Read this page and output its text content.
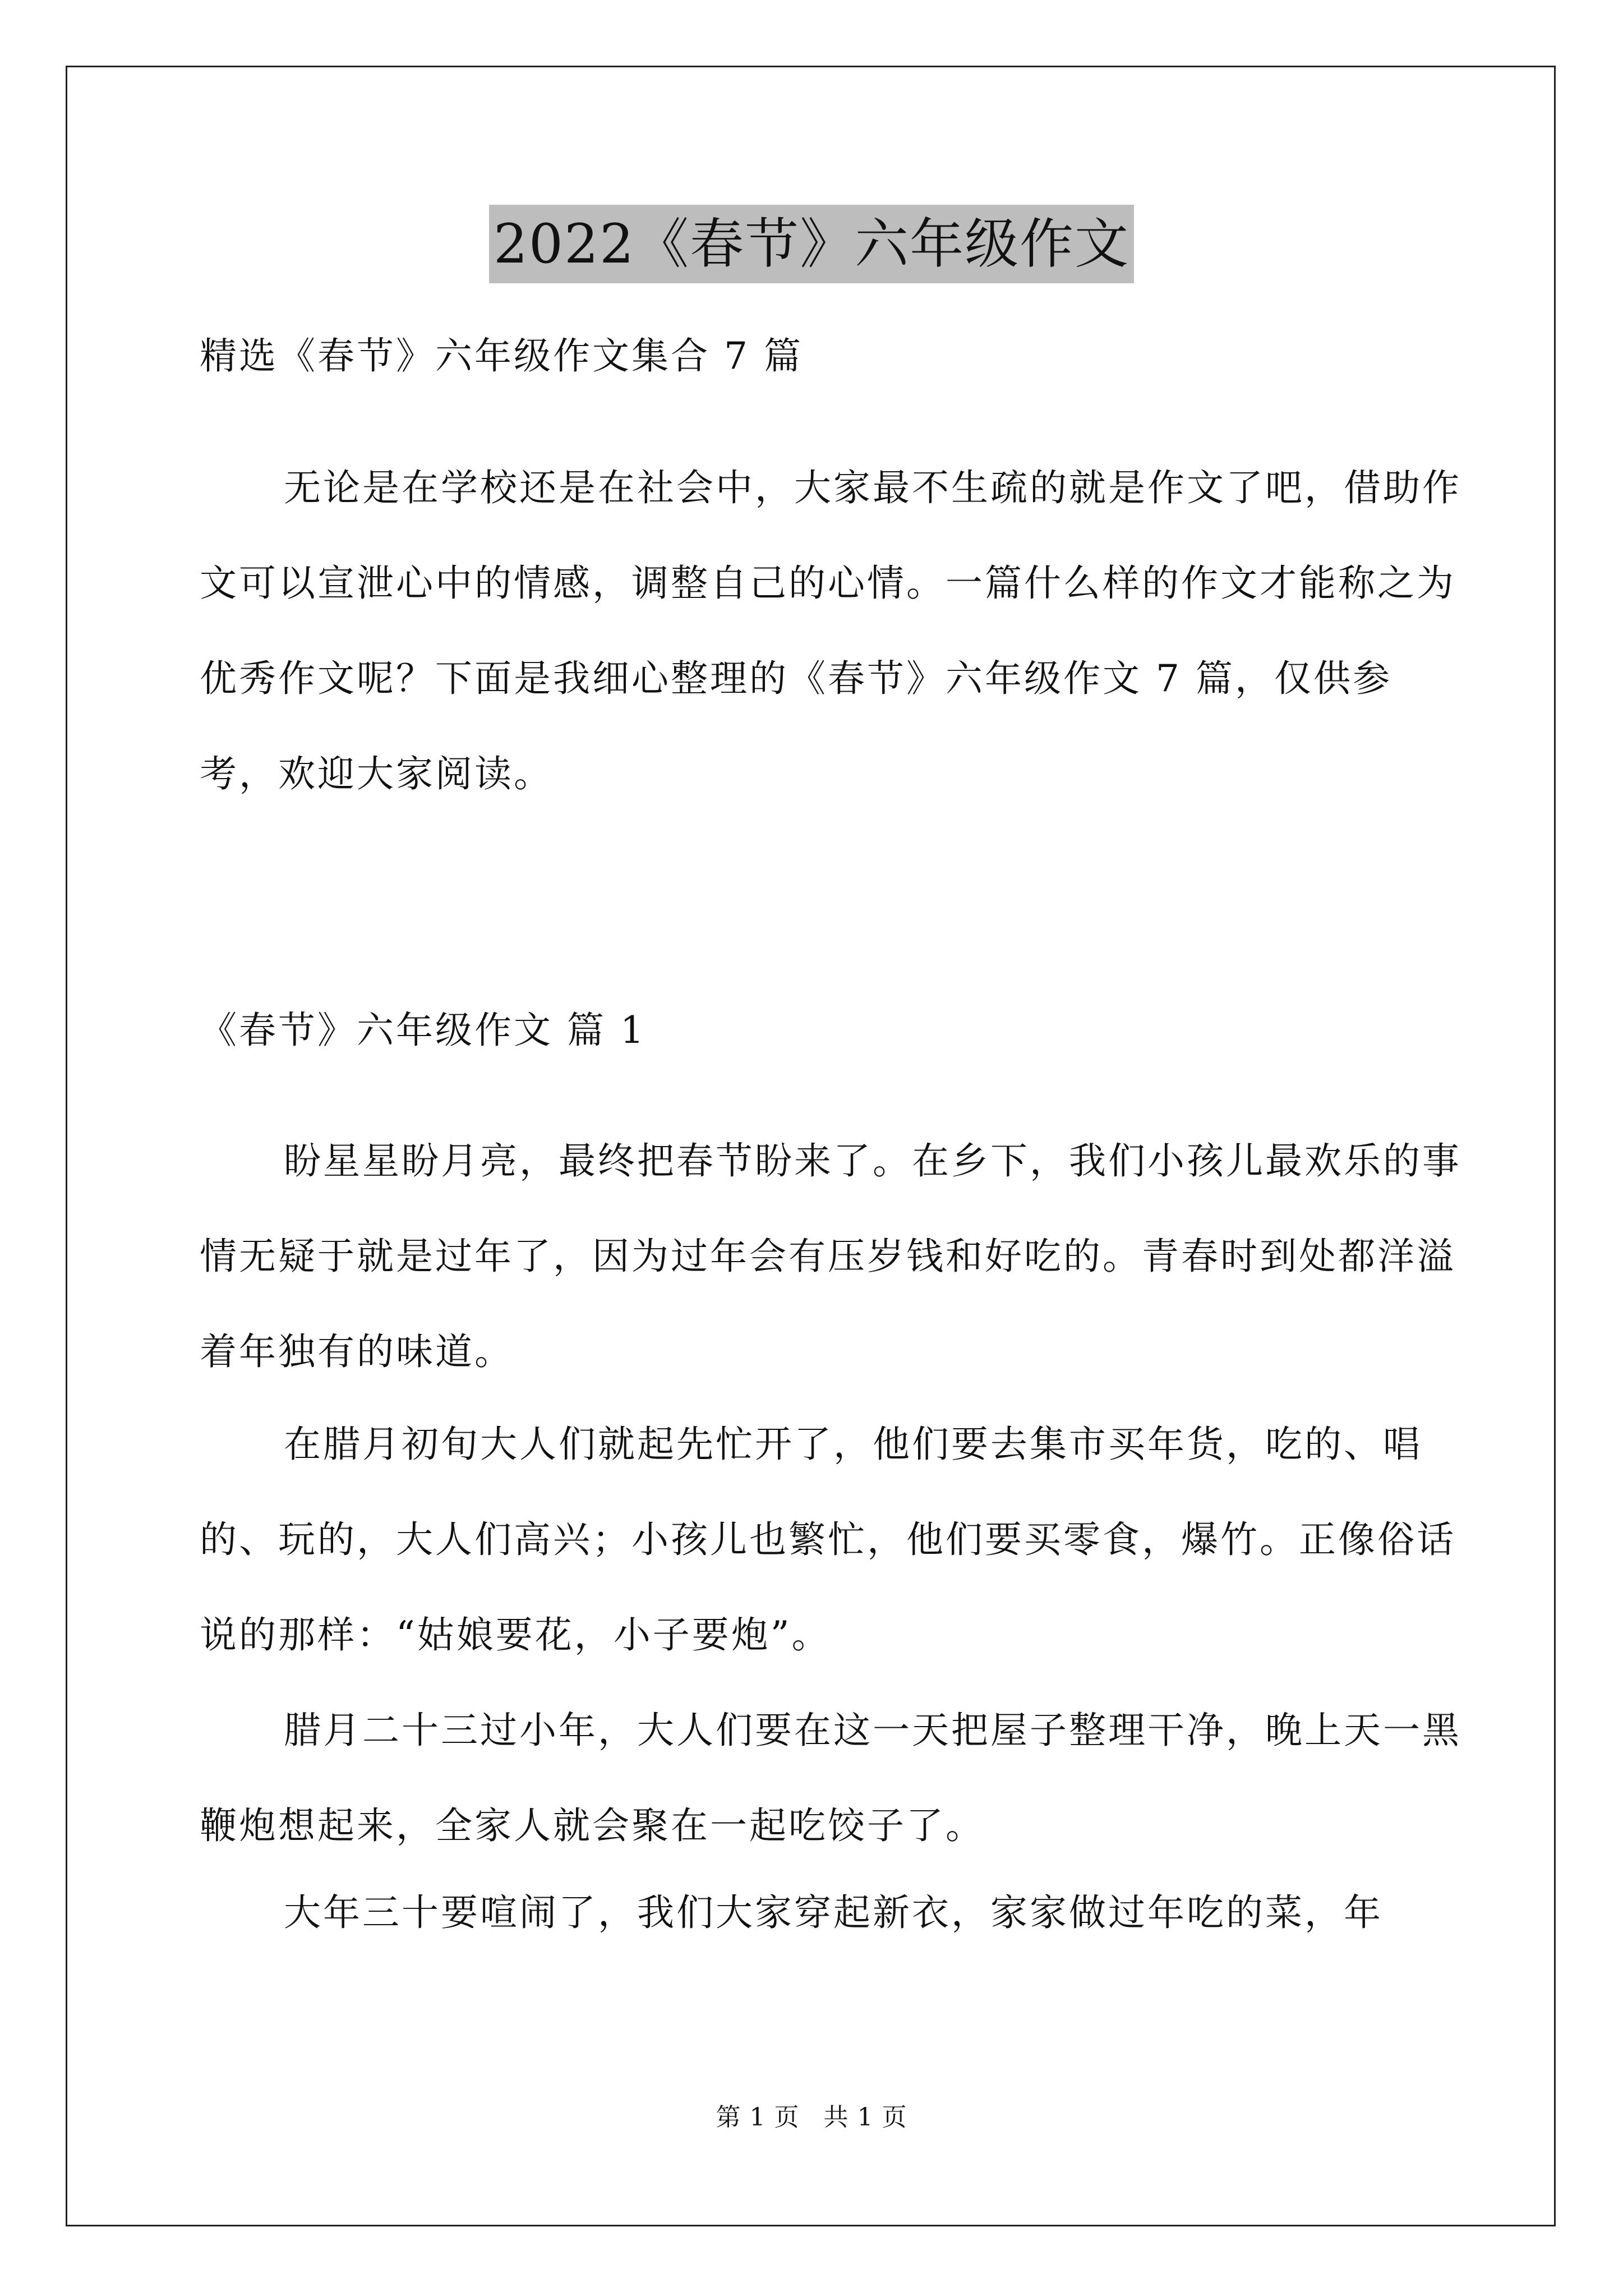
2022《春节》六年级作文

精选《春节》六年级作文集合 7 篇

无论是在学校还是在社会中，大家最不生疏的就是作文了吧，借助作文可以宣泄心中的情感，调整自己的心情。一篇什么样的作文才能称之为优秀作文呢？下面是我细心整理的《春节》六年级作文 7 篇，仅供参考，欢迎大家阅读。

《春节》六年级作文 篇 1

盼星星盼月亮，最终把春节盼来了。在乡下，我们小孩儿最欢乐的事情无疑于就是过年了，因为过年会有压岁钱和好吃的。青春时到处都洋溢着年独有的味道。

在腊月初旬大人们就起先忙开了，他们要去集市买年货，吃的、唱的、玩的，大人们高兴；小孩儿也繁忙，他们要买零食，爆竹。正像俗话说的那样：“姑娘要花，小子要炮”。

腊月二十三过小年，大人们要在这一天把屋子整理干净，晚上天一黑鞭炮想起来，全家人就会聚在一起吃饺子了。

大年三十要喧闹了，我们大家穿起新衣，家家做过年吃的菜，年

第 1 页 共 1 页
